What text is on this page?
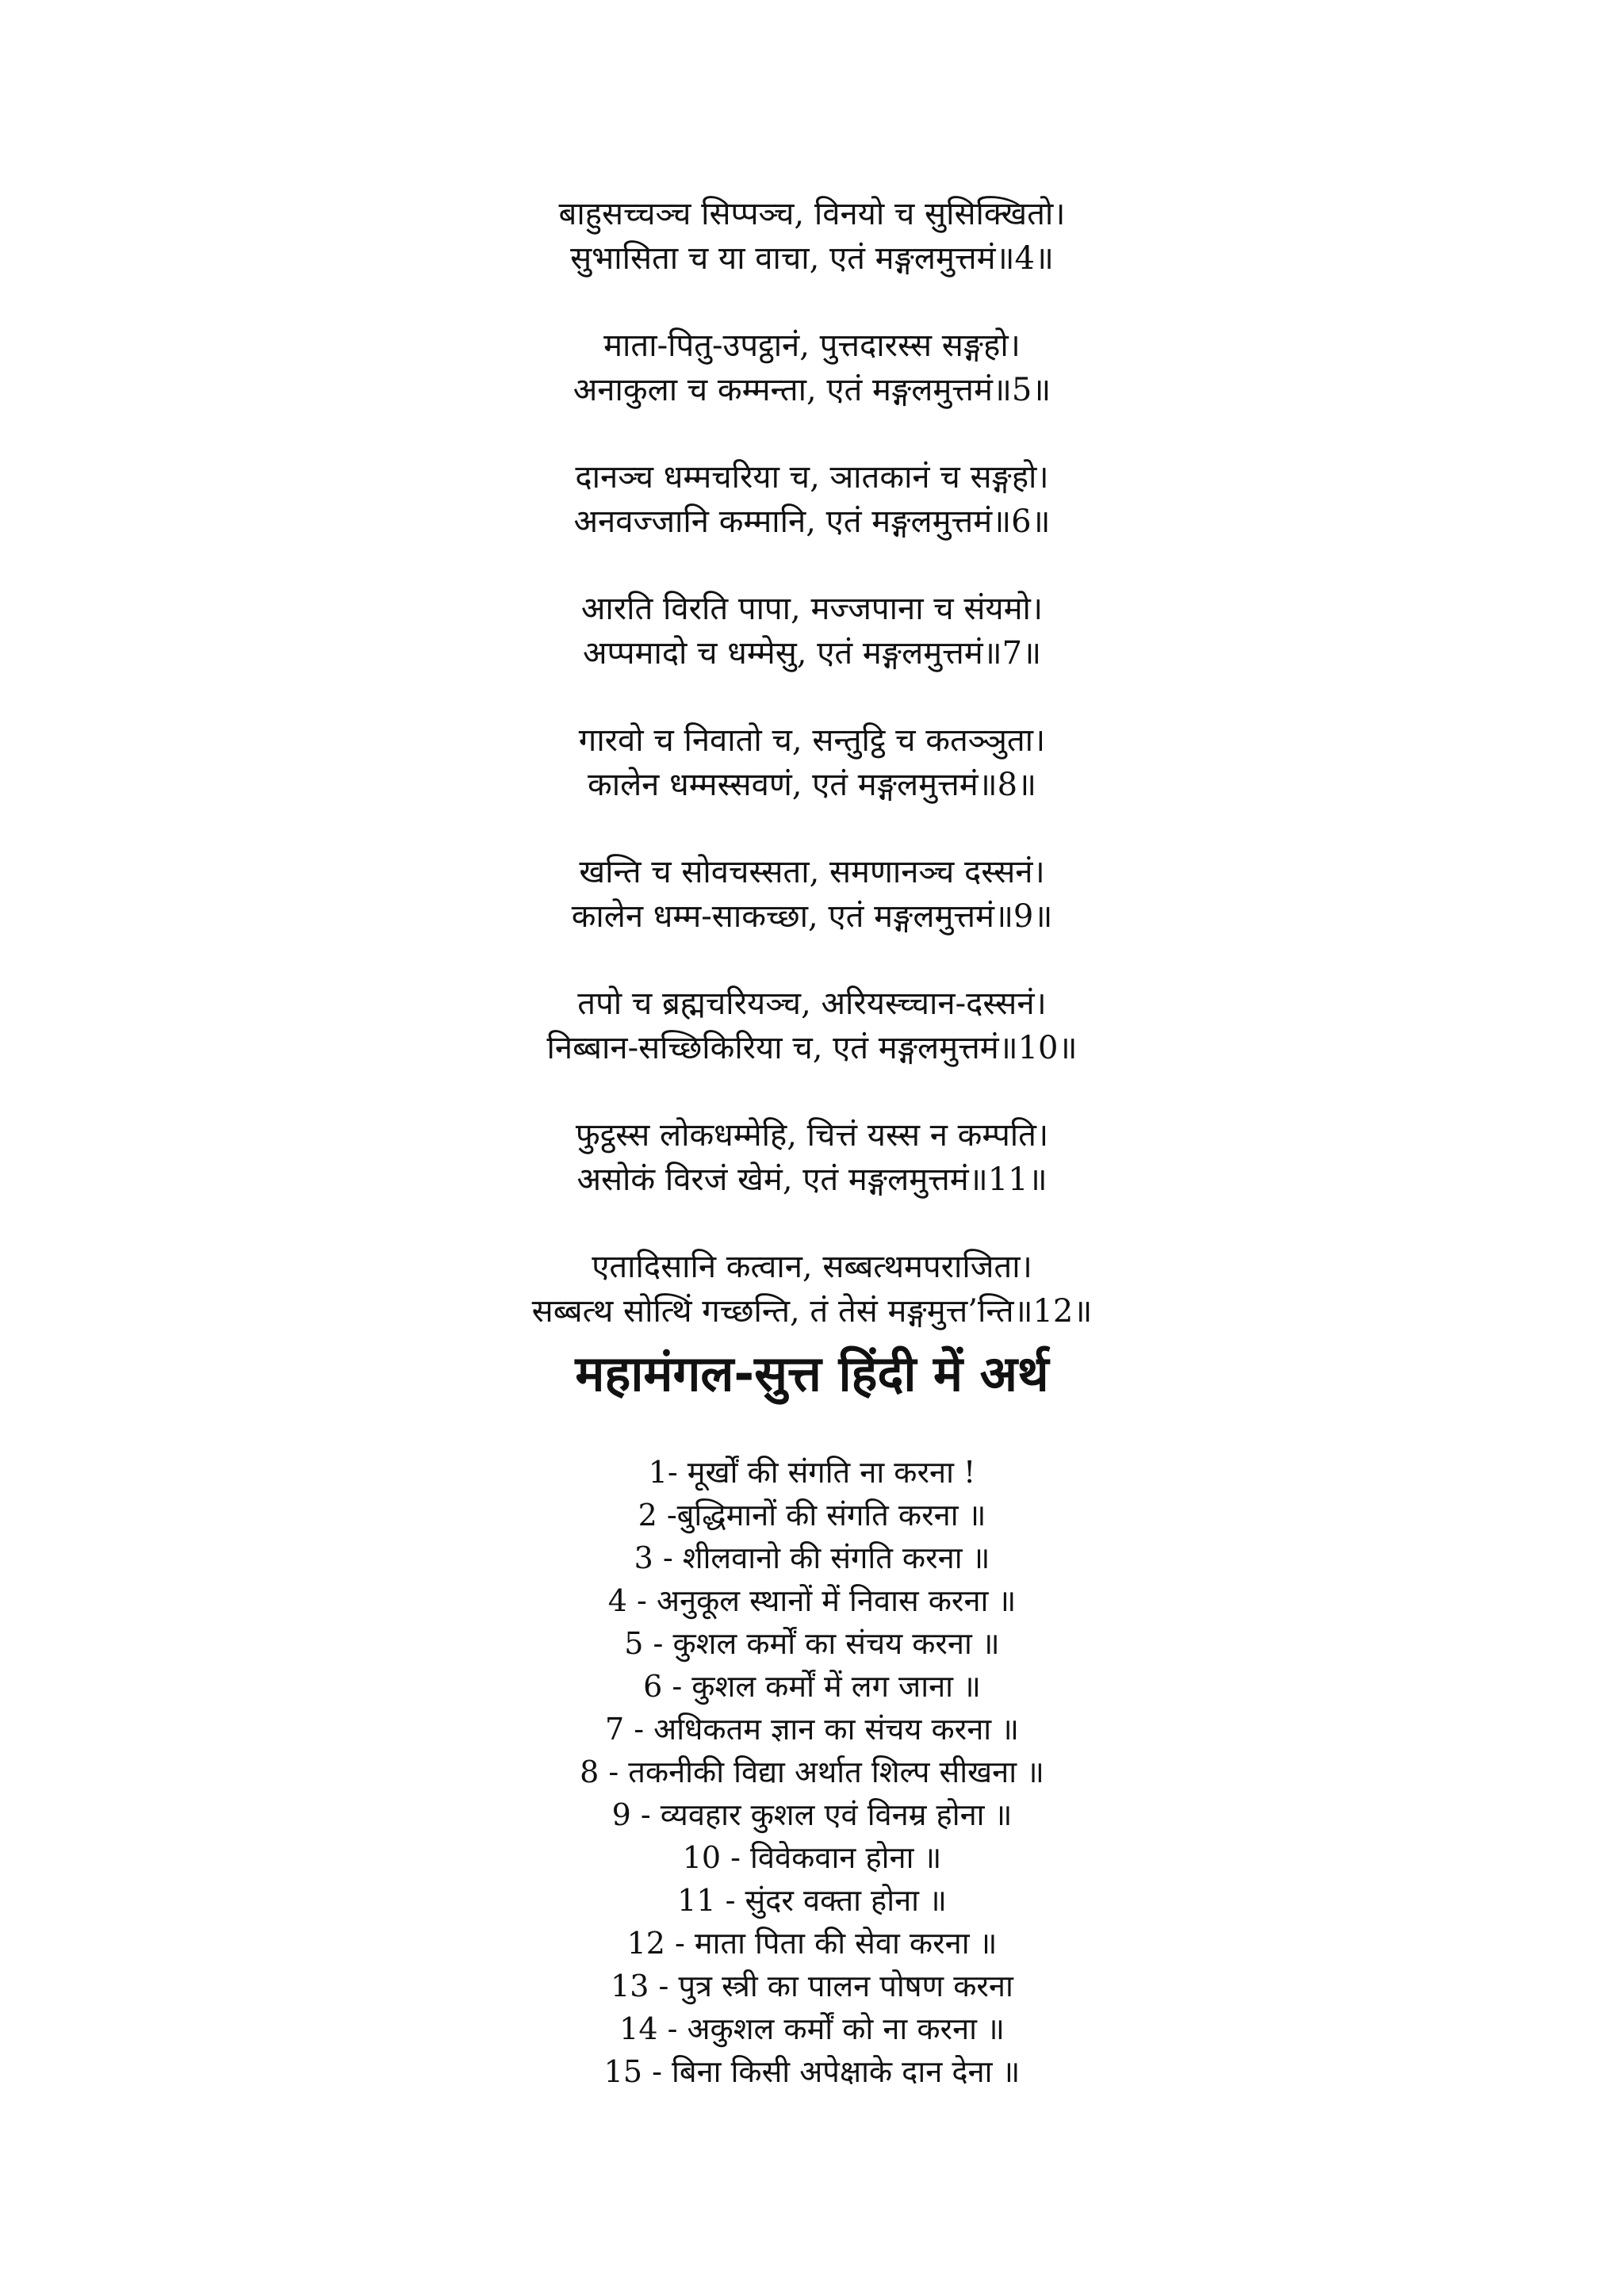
बाहुसच्चञ्च सिप्पञ्च, विनयो च सुसिक्खितो।
सुभासिता च या वाचा, एतं मङ्गलमुत्तमं॥4॥

माता-पितु-उपट्ठानं, पुत्तदारस्स सङ्गहो।
अनाकुला च कम्मन्ता, एतं मङ्गलमुत्तमं॥5॥

दानञ्च धम्मचरिया च, ञातकानं च सङ्गहो।
अनवज्जानि कम्मानि, एतं मङ्गलमुत्तमं॥6॥

आरति विरति पापा, मज्जपाना च संयमो।
अप्पमादो च धम्मेसु, एतं मङ्गलमुत्तमं॥7॥

गारवो च निवातो च, सन्तुट्ठि च कतञ्ञुता।
कालेन धम्मस्सवणं, एतं मङ्गलमुत्तमं॥8॥

खन्ति च सोवचस्सता, समणानञ्च दस्सनं।
कालेन धम्म-साकच्छा, एतं मङ्गलमुत्तमं॥9॥

तपो च ब्रह्मचरियञ्च, अरियस्च्चान-दस्सनं।
निब्बान-सच्छिकिरिया च, एतं मङ्गलमुत्तमं॥10॥

फुट्ठस्स लोकधम्मेहि, चित्तं यस्स न कम्पति।
असोकं विरजं खेमं, एतं मङ्गलमुत्तमं॥11॥

एतादिसानि कत्वान, सब्बत्थमपराजिता।
सब्बत्थ सोत्थिं गच्छन्ति, तं तेसं मङ्गमुत्त’न्ति॥12॥

महामंगल-सुत्त हिंदी में अर्थ
1- मूर्खों की संगति ना करना !
2 -बुद्धिमानों की संगति करना ॥
3 - शीलवानो की संगति करना ॥
4 - अनुकूल स्थानों में निवास करना ॥
5 - कुशल कर्मों का संचय करना ॥
6 - कुशल कर्मों में लग जाना ॥
7 - अधिकतम ज्ञान का संचय करना ॥
8 - तकनीकी विद्या अर्थात शिल्प सीखना ॥
9 - व्यवहार कुशल एवं विनम्र होना ॥
10 - विवेकवान होना ॥
11 - सुंदर वक्ता होना ॥
12 - माता पिता की सेवा करना ॥
13 - पुत्र स्त्री का पालन पोषण करना
14 - अकुशल कर्मों को ना करना ॥
15 - बिना किसी अपेक्षाके दान देना ॥
